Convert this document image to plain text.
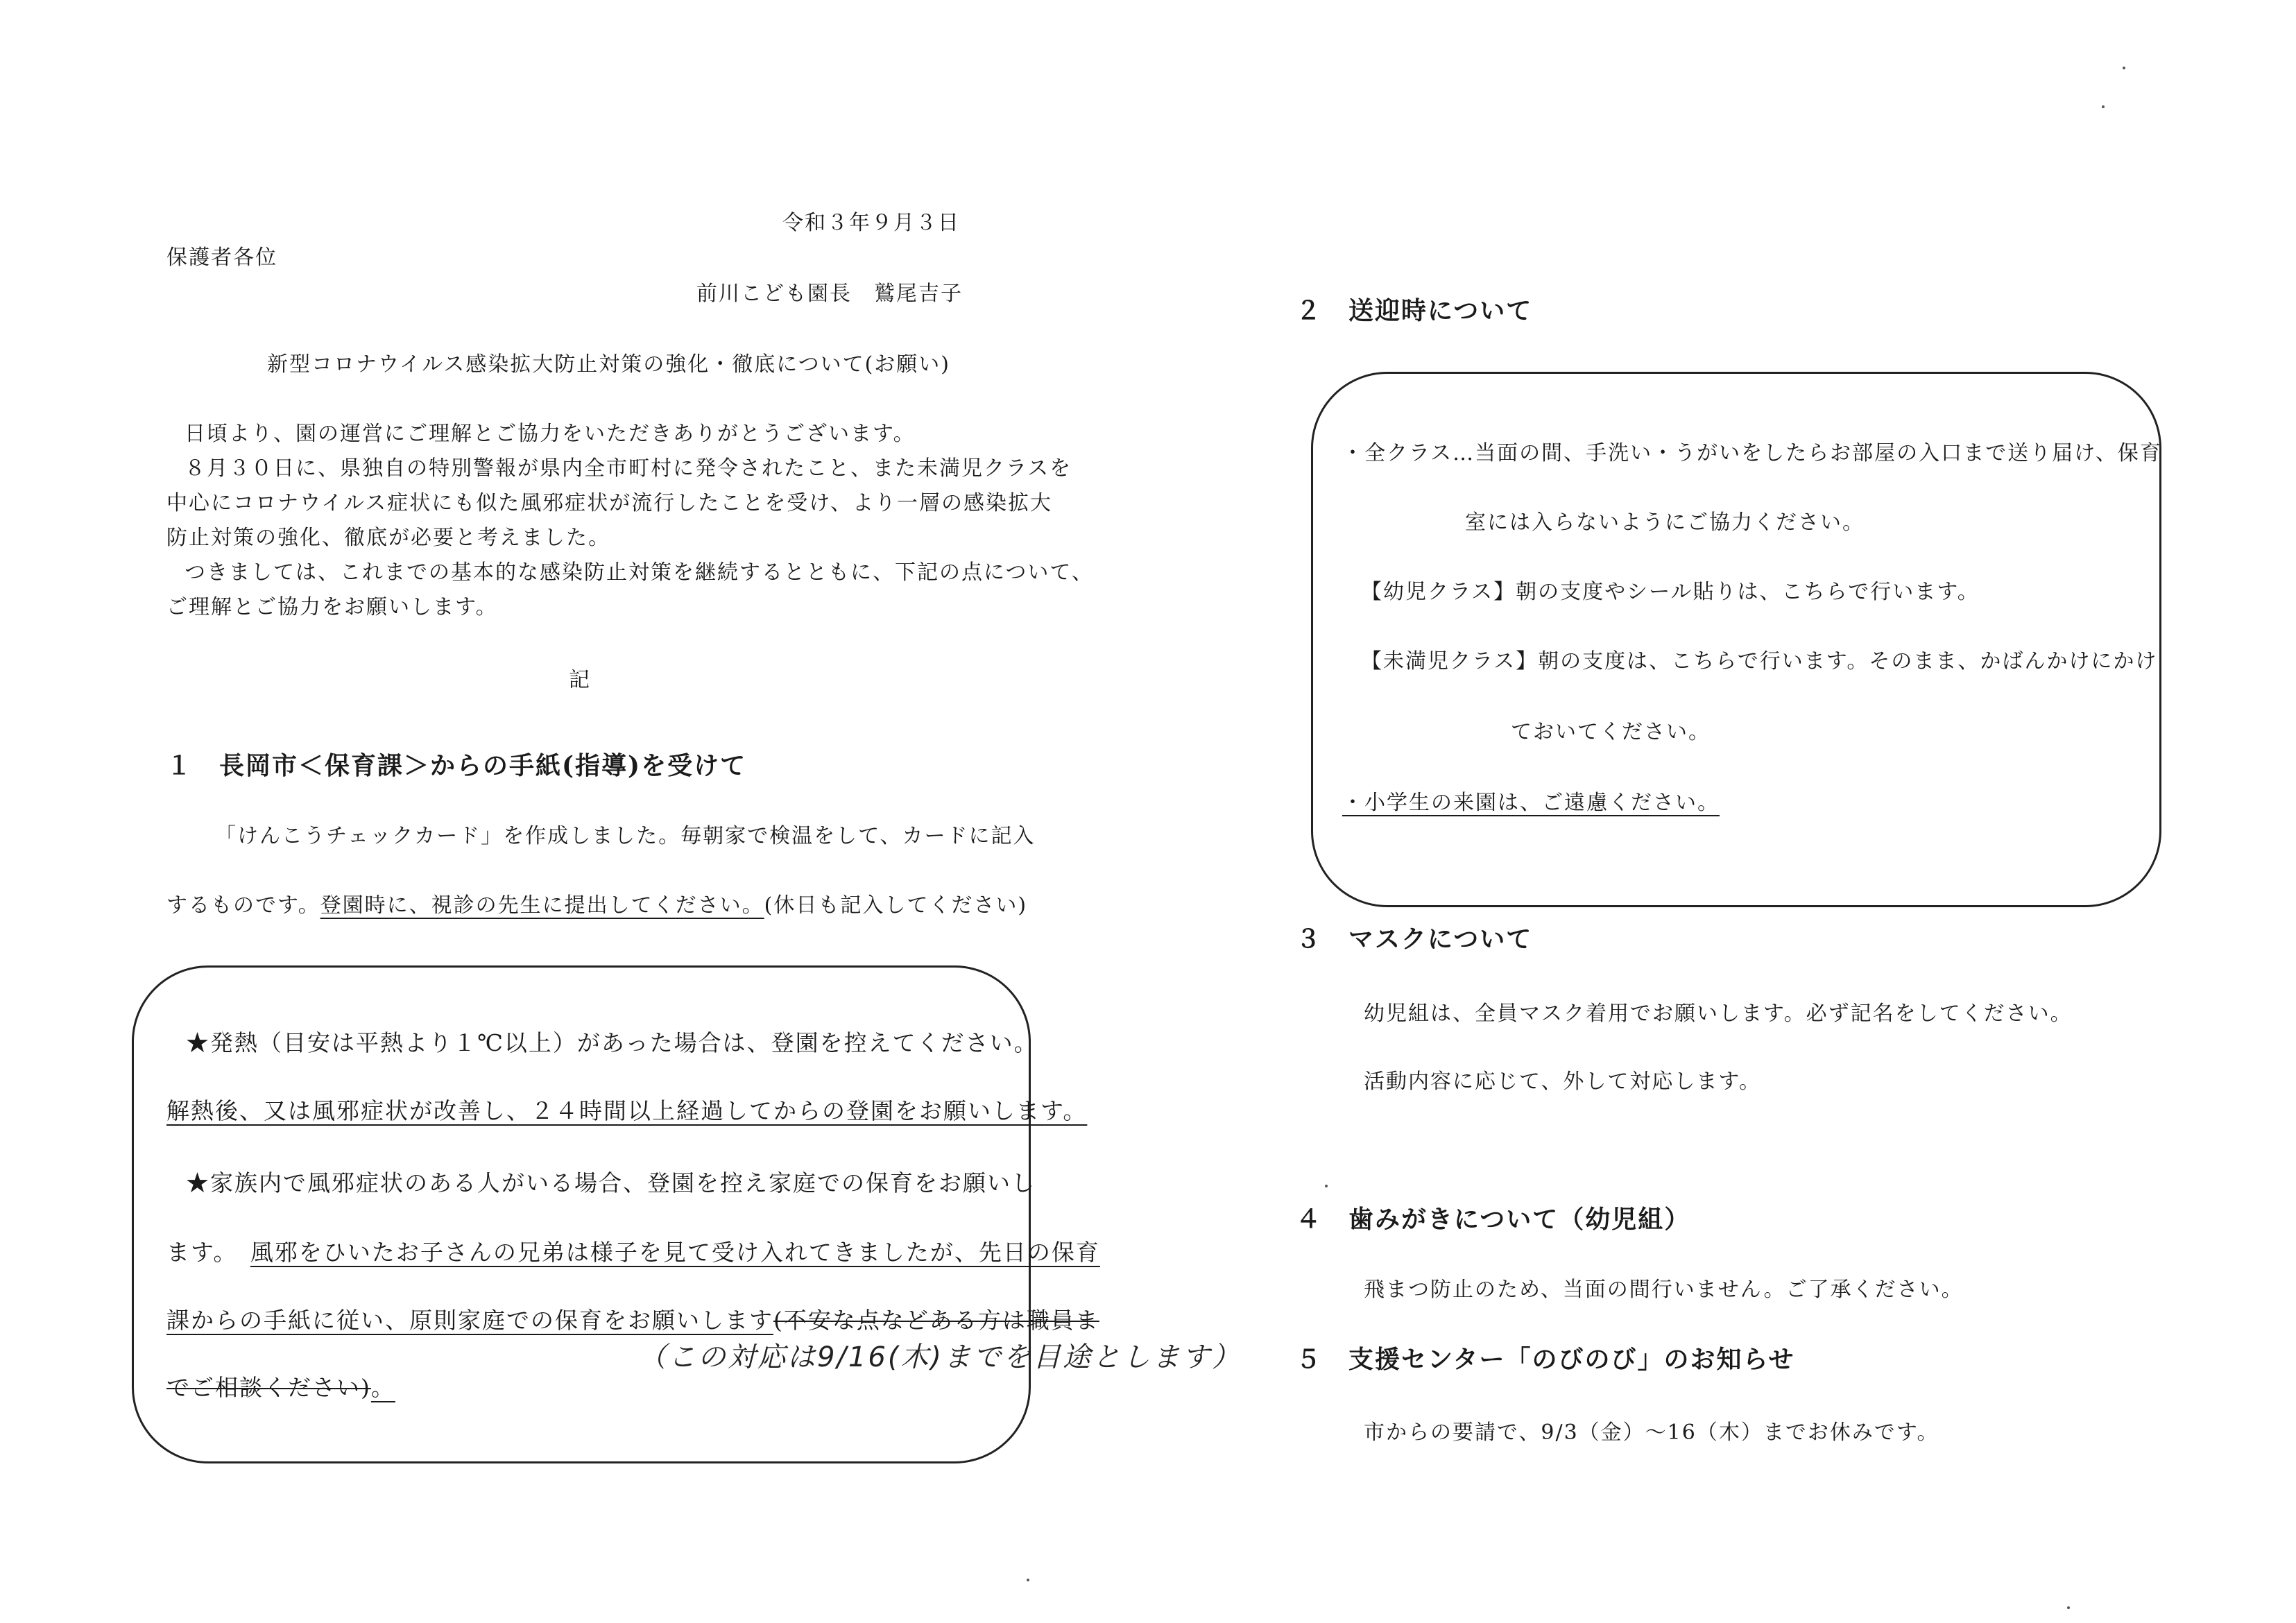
令和３年９月３日
保護者各位
前川こども園長　鷲尾吉子
新型コロナウイルス感染拡大防止対策の強化・徹底について(お願い)
日頃より、園の運営にご理解とご協力をいただきありがとうございます。
８月３０日に、県独自の特別警報が県内全市町村に発令されたこと、また未満児クラスを
中心にコロナウイルス症状にも似た風邪症状が流行したことを受け、より一層の感染拡大
防止対策の強化、徹底が必要と考えました。
つきましては、これまでの基本的な感染防止対策を継続するとともに、下記の点について、
ご理解とご協力をお願いします。
記
１　長岡市＜保育課＞からの手紙(指導)を受けて
「けんこうチェックカード」を作成しました。毎朝家で検温をして、カードに記入
するものです。登園時に、視診の先生に提出してください。(休日も記入してください)
★発熱（目安は平熱より１℃以上）があった場合は、登園を控えてください。
解熱後、又は風邪症状が改善し、２４時間以上経過してからの登園をお願いします。
★家族内で風邪症状のある人がいる場合、登園を控え家庭での保育をお願いし
ます。　 風邪をひいたお子さんの兄弟は様子を見て受け入れてきましたが、先日の保育
課からの手紙に従い、原則家庭での保育をお願いします(不安な点などある方は職員ま
（この対応は9/16(木)までを目途とします）
でご相談ください)。
２　送迎時について
・全クラス…当面の間、手洗い・うがいをしたらお部屋の入口まで送り届け、保育
室には入らないようにご協力ください。
【幼児クラス】朝の支度やシール貼りは、こちらで行います。
【未満児クラス】朝の支度は、こちらで行います。そのまま、かばんかけにかけ
ておいてください。
・小学生の来園は、ご遠慮ください。
３　マスクについて
幼児組は、全員マスク着用でお願いします。必ず記名をしてください。
活動内容に応じて、外して対応します。
４　歯みがきについて（幼児組）
飛まつ防止のため、当面の間行いません。ご了承ください。
５　支援センター「のびのび」のお知らせ
市からの要請で、9/3（金）～16（木）までお休みです。
